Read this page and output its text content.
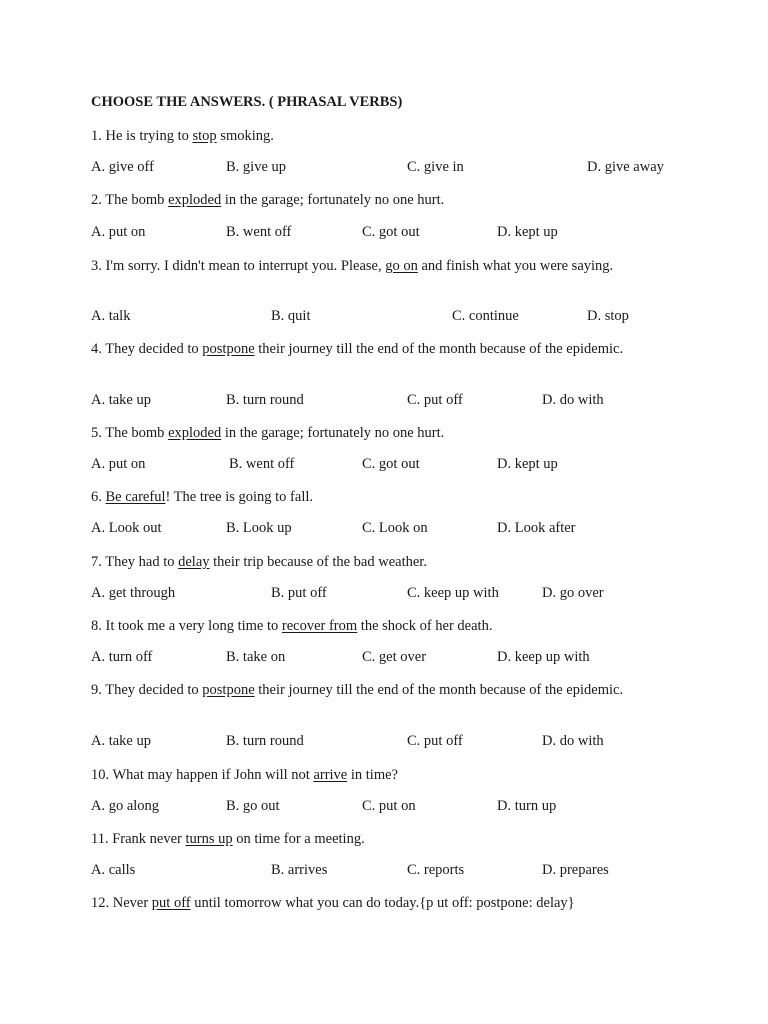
CHOOSE THE ANSWERS. ( PHRASAL VERBS)
1. He is trying to stop smoking.
A. give off	B. give up	C. give in	D. give away
2. The bomb exploded in the garage; fortunately no one hurt.
A. put on	B. went off	C. got out	D. kept up
3. I'm sorry. I didn't mean to interrupt you. Please, go on and finish what you were saying.
A. talk	B. quit	C. continue	D. stop
4. They decided to postpone their journey till the end of the month because of the epidemic.
A. take up	B. turn round	C. put off	D. do with
5. The bomb exploded in the garage; fortunately no one hurt.
A. put on	B. went off	C. got out	D. kept up
6. Be careful! The tree is going to fall.
A. Look out	B. Look up	C. Look on	D. Look after
7. They had to delay their trip because of the bad weather.
A. get through	B. put off	C. keep up with	D. go over
8. It took me a very long time to recover from the shock of her death.
A. turn off	B. take on	C. get over	D. keep up with
9. They decided to postpone their journey till the end of the month because of the epidemic.
A. take up	B. turn round	C. put off	D. do with
10. What may happen if John will not arrive in time?
A. go along	B. go out	C. put on	D. turn up
11. Frank never turns up on time for a meeting.
A. calls	B. arrives	C. reports	D. prepares
12. Never put off until tomorrow what you can do today.{p ut off: postpone: delay}
